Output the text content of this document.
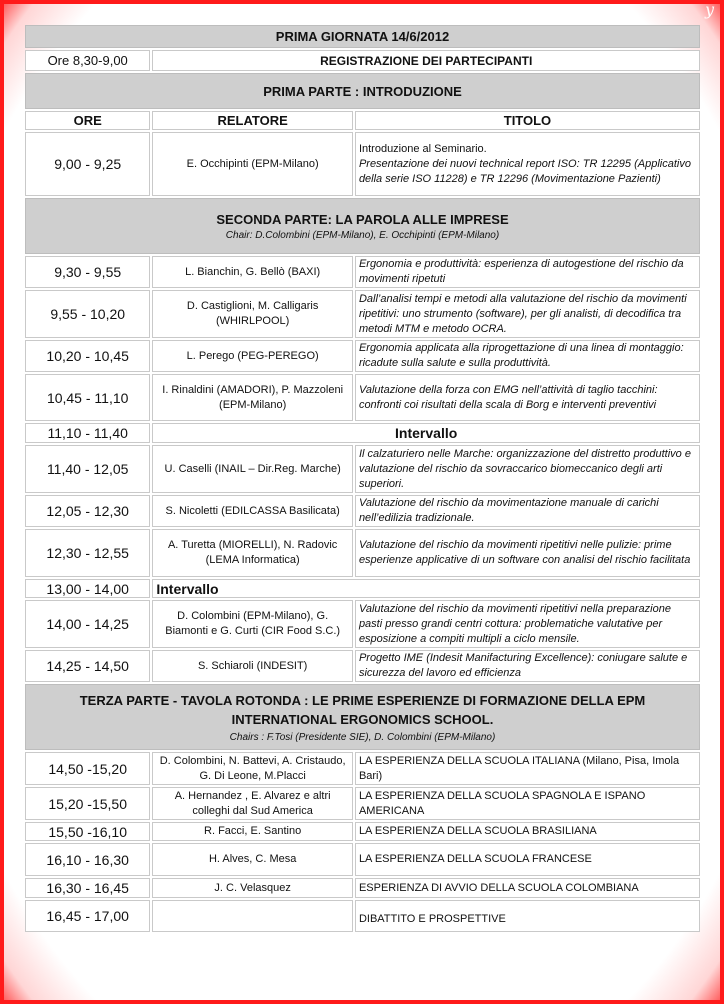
y
PRIMA GIORNATA 14/6/2012		
Ore 8,30-9,00	REGISTRAZIONE DEI PARTECIPANTI	
PRIMA PARTE : INTRODUZIONE		
ORE	RELATORE	TITOLO
9,00 - 9,25	E. Occhipinti (EPM-Milano)	Introduzione al Seminario.
Presentazione dei nuovi technical report ISO: TR 12295 (Applicativo della serie ISO 11228) e TR 12296 (Movimentazione Pazienti)
SECONDA PARTE: LA PAROLA ALLE IMPRESE
Chair: D.Colombini (EPM-Milano), E. Occhipinti (EPM-Milano)		

9,30 - 9,55	L. Bianchin, G. Bellò (BAXI)	Ergonomia e produttività: esperienza di autogestione del rischio da movimenti ripetuti
9,55 - 10,20	D. Castiglioni, M. Calligaris (WHIRLPOOL)	Dall’analisi tempi e metodi alla valutazione del rischio da movimenti ripetitivi: uno strumento (software), per gli analisti, di decodifica tra metodi MTM e metodo OCRA.
10,20 - 10,45	L. Perego (PEG-PEREGO)	Ergonomia applicata alla riprogettazione di una linea di montaggio: ricadute sulla salute e sulla produttività.
10,45 - 11,10	I. Rinaldini (AMADORI), P. Mazzoleni (EPM-Milano)	Valutazione della forza con EMG nell’attività di taglio tacchini: confronti coi risultati della scala di Borg e interventi preventivi
11,10 - 11,40	Intervallo	
11,40 - 12,05	U. Caselli (INAIL – Dir.Reg. Marche)	Il calzaturiero nelle Marche: organizzazione del distretto produttivo e valutazione del rischio da sovraccarico biomeccanico degli arti superiori.
12,05 - 12,30	S. Nicoletti (EDILCASSA Basilicata)	Valutazione del rischio da movimentazione manuale di carichi nell’edilizia tradizionale.
12,30 - 12,55	A. Turetta (MIORELLI), N. Radovic (LEMA Informatica)	Valutazione del rischio da movimenti ripetitivi nelle pulizie: prime esperienze applicative di un software con analisi del rischio facilitata
13,00 - 14,00	Intervallo	
14,00 - 14,25	D. Colombini (EPM-Milano), G. Biamonti e G. Curti (CIR Food S.C.)	Valutazione del rischio da movimenti ripetitivi nella preparazione pasti presso grandi centri cottura: problematiche valutative per esposizione a compiti multipli a ciclo mensile.
14,25 - 14,50	S. Schiaroli (INDESIT)	Progetto IME (Indesit Manifacturing Excellence): coniugare salute e sicurezza del lavoro ed efficienza

TERZA PARTE - TAVOLA ROTONDA : LE PRIME ESPERIENZE DI FORMAZIONE DELLA EPM INTERNATIONAL ERGONOMICS SCHOOL.
Chairs : F.Tosi (Presidente SIE), D. Colombini (EPM-Milano)		

14,50 -15,20	D. Colombini, N. Battevi, A. Cristaudo, G. Di Leone, M.Placci	LA ESPERIENZA DELLA SCUOLA ITALIANA (Milano, Pisa, Imola Bari)
15,20 -15,50	A. Hernandez , E. Alvarez e altri colleghi dal Sud America	LA ESPERIENZA DELLA SCUOLA SPAGNOLA E ISPANO AMERICANA
15,50 -16,10	R. Facci, E. Santino	LA ESPERIENZA DELLA SCUOLA BRASILIANA
16,10 - 16,30	H. Alves, C. Mesa	LA ESPERIENZA DELLA SCUOLA FRANCESE
16,30 - 16,45	J. C. Velasquez	ESPERIENZA DI AVVIO DELLA SCUOLA COLOMBIANA
16,45 - 17,00		DIBATTITO E PROSPETTIVE
